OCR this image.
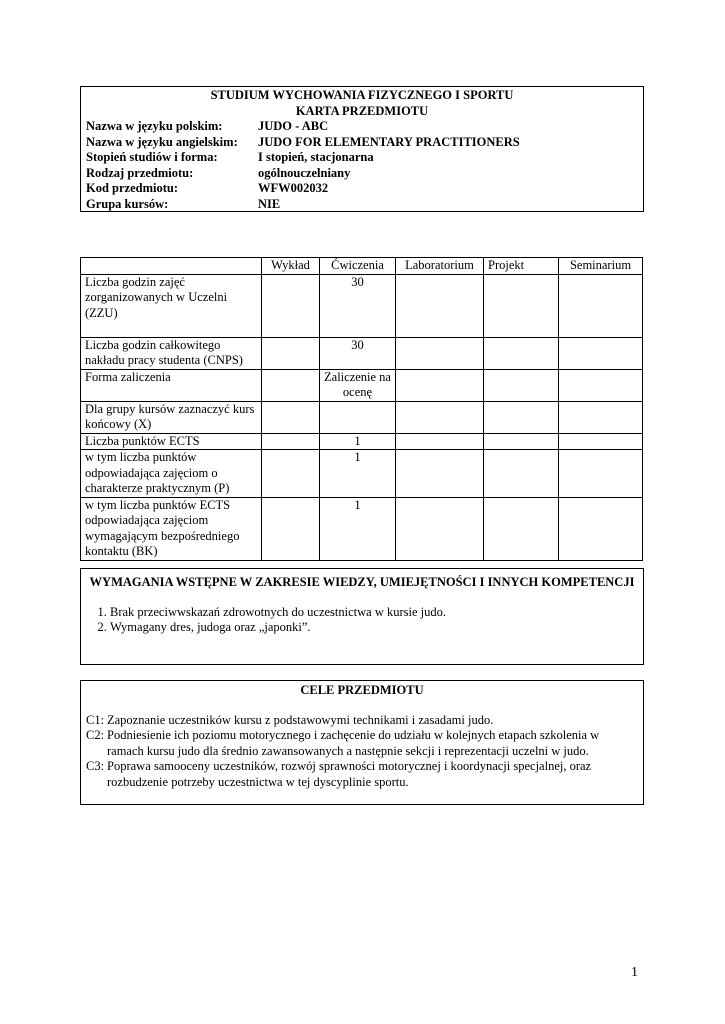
STUDIUM WYCHOWANIA FIZYCZNEGO I SPORTU
KARTA PRZEDMIOTU
Nazwa w języku polskim:	JUDO - ABC
Nazwa w języku angielskim:	JUDO FOR ELEMENTARY PRACTITIONERS
Stopień studiów i forma:	I stopień, stacjonarna
Rodzaj przedmiotu:	ogólnouczelniany
Kod przedmiotu:	WFW002032
Grupa kursów:	NIE
	Wykład	Ćwiczenia	Laboratorium	Projekt	Seminarium
Liczba godzin zajęć zorganizowanych w Uczelni (ZZU)		30			
Liczba godzin całkowitego nakładu pracy studenta (CNPS)		30			
Forma zaliczenia		Zaliczenie na ocenę			
Dla grupy kursów zaznaczyć kurs końcowy (X)					
Liczba punktów ECTS		1			
w tym liczba punktów odpowiadająca zajęciom o charakterze praktycznym (P)		1			
w tym liczba punktów ECTS odpowiadająca zajęciom wymagającym bezpośredniego kontaktu (BK)		1			
WYMAGANIA WSTĘPNE W ZAKRESIE WIEDZY, UMIEJĘTNOŚCI I INNYCH KOMPETENCJI
1. Brak przeciwwskazań zdrowotnych do uczestnictwa w kursie judo.
2. Wymagany dres, judoga oraz „japonki”.
CELE PRZEDMIOTU
C1: Zapoznanie uczestników kursu z podstawowymi technikami i zasadami judo.
C2: Podniesienie ich poziomu motorycznego i zachęcenie do udziału w kolejnych etapach szkolenia w ramach kursu judo dla średnio zawansowanych a następnie sekcji i reprezentacji uczelni w judo.
C3: Poprawa samooceny uczestników, rozwój sprawności motorycznej i koordynacji specjalnej, oraz rozbudzenie potrzeby uczestnictwa w tej dyscyplinie sportu.
1
